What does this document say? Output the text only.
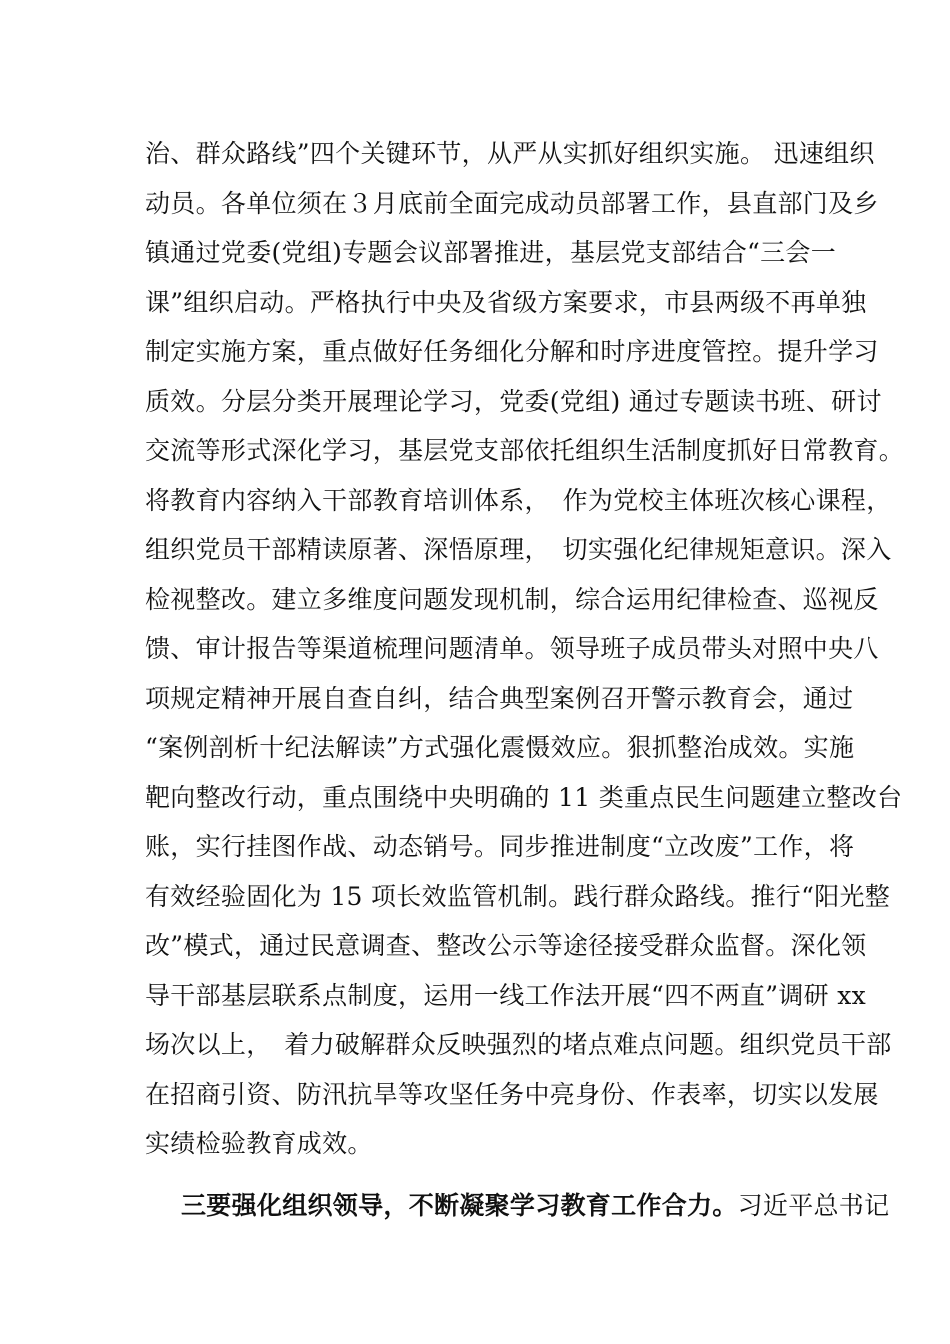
治、群众路线”四个关键环节，从严从实抓好组织实施。 迅速组织

动员。各单位须在３月底前全面完成动员部署工作，县直部门及乡

镇通过党委(党组)专题会议部署推进，基层党支部结合“三会一

课”组织启动。严格执行中央及省级方案要求，市县两级不再单独

制定实施方案，重点做好任务细化分解和时序进度管控。提升学习

质效。分层分类开展理论学习，党委(党组) 通过专题读书班、研讨

交流等形式深化学习，基层党支部依托组织生活制度抓好日常教育。

将教育内容纳入干部教育培训体系，　作为党校主体班次核心课程，

组织党员干部精读原著、深悟原理，　切实强化纪律规矩意识。深入

检视整改。建立多维度问题发现机制，综合运用纪律检查、巡视反

馈、审计报告等渠道梳理问题清单。领导班子成员带头对照中央八

项规定精神开展自查自纠，结合典型案例召开警示教育会，通过

“案例剖析十纪法解读”方式强化震慑效应。狠抓整治成效。实施

靶向整改行动，重点围绕中央明确的 11 类重点民生问题建立整改台

账，实行挂图作战、动态销号。同步推进制度“立改废”工作，将

有效经验固化为 15 项长效监管机制。践行群众路线。推行“阳光整

改”模式，通过民意调查、整改公示等途径接受群众监督。深化领

导干部基层联系点制度，运用一线工作法开展“四不两直”调研 xx

场次以上，　着力破解群众反映强烈的堵点难点问题。组织党员干部

在招商引资、防汛抗旱等攻坚任务中亮身份、作表率，切实以发展

实绩检验教育成效。

三要强化组织领导，不断凝聚学习教育工作合力。习近平总书记
